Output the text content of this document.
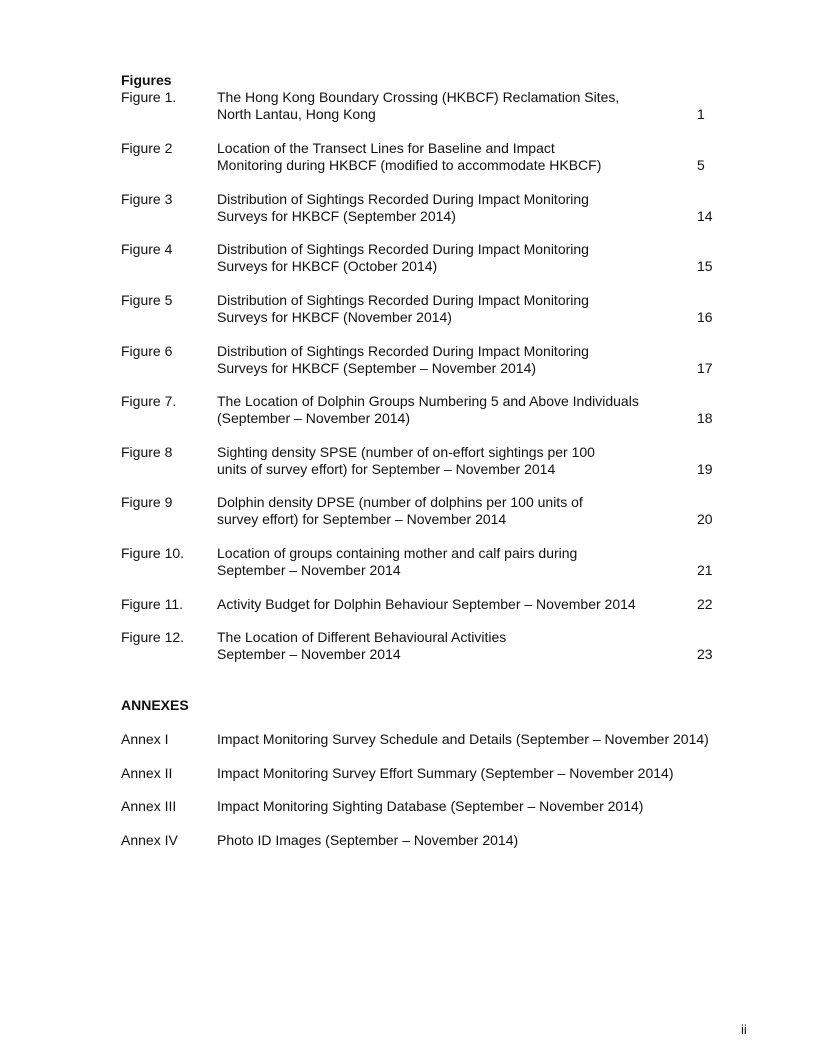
Figures
Figure 1.	The Hong Kong Boundary Crossing (HKBCF) Reclamation Sites,
North Lantau, Hong Kong	1
Figure 2	Location of the Transect Lines for Baseline and Impact
Monitoring during HKBCF (modified to accommodate HKBCF)	5
Figure 3	Distribution of Sightings Recorded During Impact Monitoring
Surveys for HKBCF (September 2014)	14
Figure 4	Distribution of Sightings Recorded During Impact Monitoring
Surveys for HKBCF (October 2014)	15
Figure 5	Distribution of Sightings Recorded During Impact Monitoring
Surveys for HKBCF (November 2014)	16
Figure 6	Distribution of Sightings Recorded During Impact Monitoring
Surveys for HKBCF (September – November 2014)	17
Figure 7.	The Location of Dolphin Groups Numbering 5 and Above Individuals
(September – November 2014)	18
Figure 8	Sighting density SPSE (number of on-effort sightings per 100
units of survey effort) for September – November 2014	19
Figure 9	Dolphin density DPSE (number of dolphins per 100 units of
survey effort) for September – November 2014	20
Figure 10. Location of groups containing mother and calf pairs during
September – November 2014	21
Figure 11. Activity Budget for Dolphin Behaviour September – November 2014	22
Figure 12. The Location of Different Behavioural Activities
September – November 2014	23
ANNEXES
Annex I	Impact Monitoring Survey Schedule and Details (September – November 2014)
Annex II	Impact Monitoring Survey Effort Summary (September – November 2014)
Annex III	Impact Monitoring Sighting Database (September – November 2014)
Annex IV	Photo ID Images (September – November 2014)
ii
